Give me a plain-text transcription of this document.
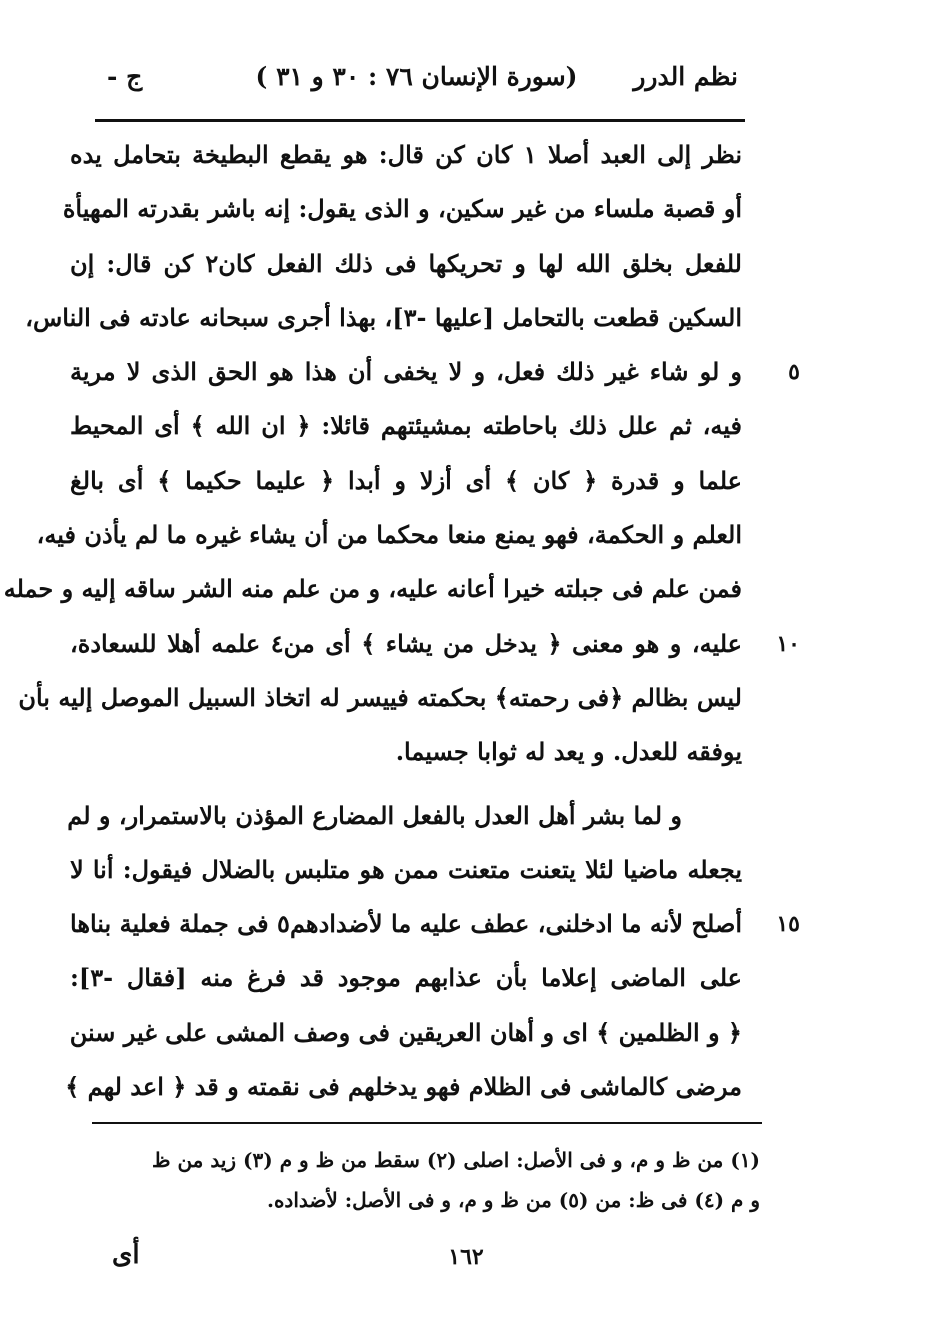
نظم الدرر
(سورة الإنسان ٧٦ : ٣٠ و ٣١ )
ج -
نظر إلى العبد أصلا ١ كان كن قال: هو يقطع البطيخة بتحامل يده
أو قصبة ملساء من غير سكين، و الذى يقول: إنه باشر بقدرته المهيأة
للفعل بخلق الله لها و تحريكها فى ذلك الفعل كان٢ كن قال: إن
السكين قطعت بالتحامل [عليها -٣]، بهذا أجرى سبحانه عادته فى الناس،
و لو شاء غير ذلك فعل، و لا يخفى أن هذا هو الحق الذى لا مرية ٥
فيه، ثم علل ذلك باحاطته بمشيئتهم قائلا: ﴿ ان الله ﴾ أى المحيط
علما و قدرة ﴿ كان ﴾ أى أزلا و أبدا ﴿ عليما حكيما ﴾ أى بالغ
العلم و الحكمة، فهو يمنع منعا محكما من أن يشاء غيره ما لم يأذن فيه،
فمن علم فى جبلته خيرا أعانه عليه، و من علم منه الشر ساقه إليه و حمله
عليه، و هو معنى ﴿ يدخل من يشاء ﴾ أى من٤ علمه أهلا للسعادة، ١٠
ليس بظالم ﴿فى رحمته﴾ بحكمته فييسر له اتخاذ السبيل الموصل إليه بأن
يوفقه للعدل. و يعد له ثوابا جسيما.
و لما بشر أهل العدل بالفعل المضارع المؤذن بالاستمرار، و لم
يجعله ماضيا لئلا يتعنت متعنت ممن هو متلبس بالضلال فيقول: أنا لا
أصلح لأنه ما ادخلنى، عطف عليه ما لأضدادهم٥ فى جملة فعلية بناها ١٥
على الماضى إعلاما بأن عذابهم موجود قد فرغ منه [فقال -٣]:
﴿ و الظلمين ﴾ اى و أهان العريقين فى وصف المشى على غير سنن
مرضى كالماشى فى الظلام فهو يدخلهم فى نقمته و قد ﴿ اعد لهم ﴾
(١) من ظ و م، و فى الأصل: اصلى (٢) سقط من ظ و م (٣) زيد من ظ
و م (٤) فى ظ: من (٥) من ظ و م، و فى الأصل: لأضداده.
١٦٢
أى
